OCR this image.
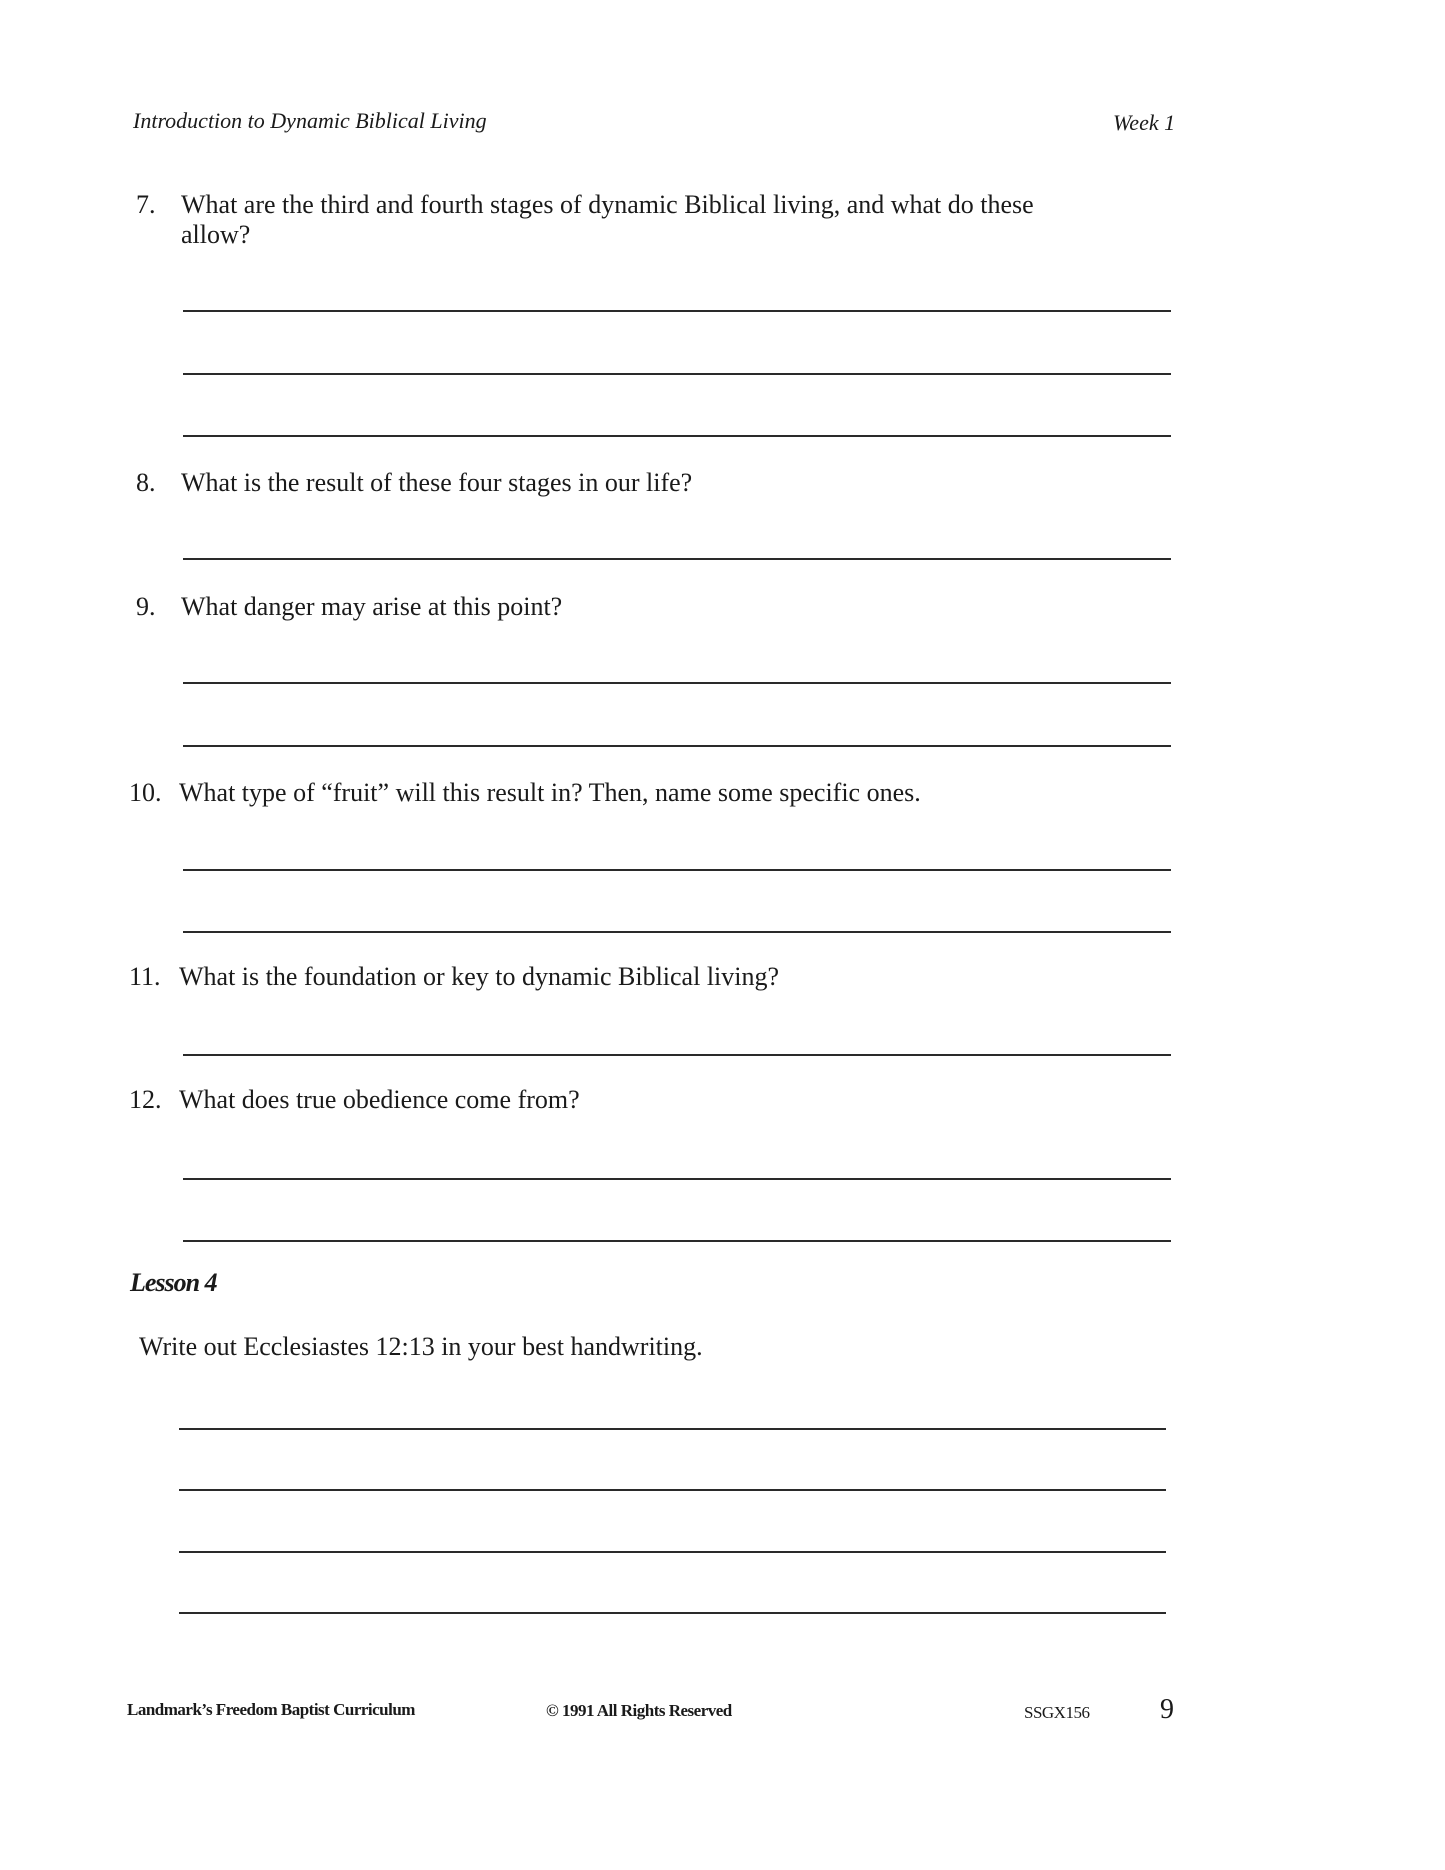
Introduction to Dynamic Biblical Living	Week 1
7. What are the third and fourth stages of dynamic Biblical living, and what do these
allow?
8. What is the result of these four stages in our life?
9. What danger may arise at this point?
10. What type of “fruit” will this result in? Then, name some specific ones.
11. What is the foundation or key to dynamic Biblical living?
12. What does true obedience come from?
Lesson 4
Write out Ecclesiastes 12:13 in your best handwriting.
Landmark’s Freedom Baptist Curriculum	© 1991 All Rights Reserved	SSGX156	9
